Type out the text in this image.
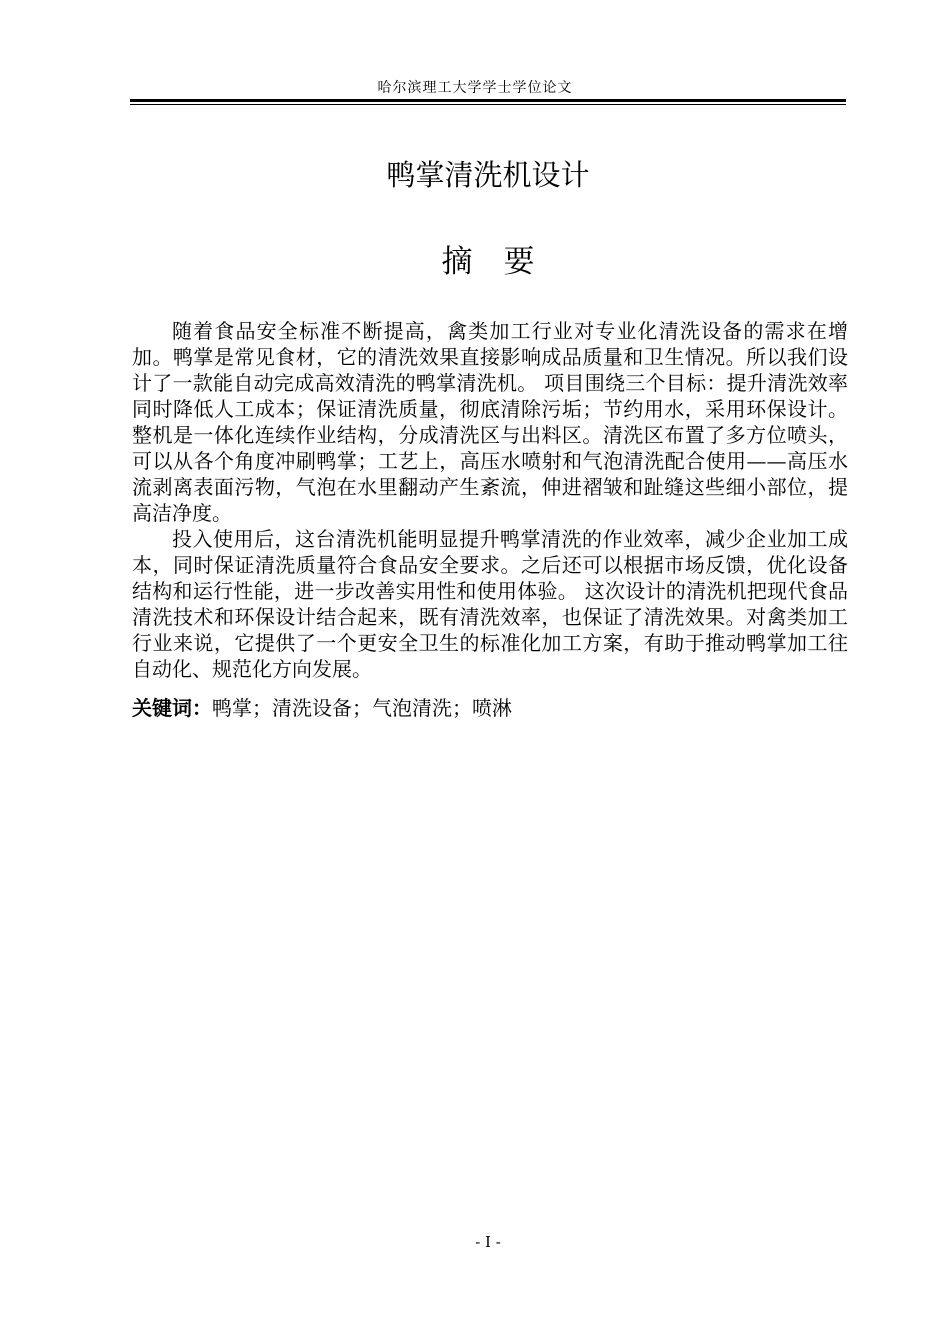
哈尔滨理工大学学士学位论文
鸭掌清洗机设计
摘　要

随着食品安全标准不断提高，禽类加工行业对专业化清洗设备的需求在增加。鸭掌是常见食材，它的清洗效果直接影响成品质量和卫生情况。所以我们设计了一款能自动完成高效清洗的鸭掌清洗机。 项目围绕三个目标：提升清洗效率同时降低人工成本；保证清洗质量，彻底清除污垢；节约用水，采用环保设计。整机是一体化连续作业结构，分成清洗区与出料区。清洗区布置了多方位喷头，可以从各个角度冲刷鸭掌；工艺上，高压水喷射和气泡清洗配合使用——高压水流剥离表面污物，气泡在水里翻动产生紊流，伸进褶皱和趾缝这些细小部位，提高洁净度。

投入使用后，这台清洗机能明显提升鸭掌清洗的作业效率，减少企业加工成本，同时保证清洗质量符合食品安全要求。之后还可以根据市场反馈，优化设备结构和运行性能，进一步改善实用性和使用体验。 这次设计的清洗机把现代食品清洗技术和环保设计结合起来，既有清洗效率，也保证了清洗效果。对禽类加工行业来说，它提供了一个更安全卫生的标准化加工方案，有助于推动鸭掌加工往自动化、规范化方向发展。

关键词：鸭掌；清洗设备；气泡清洗；喷淋
- I -
